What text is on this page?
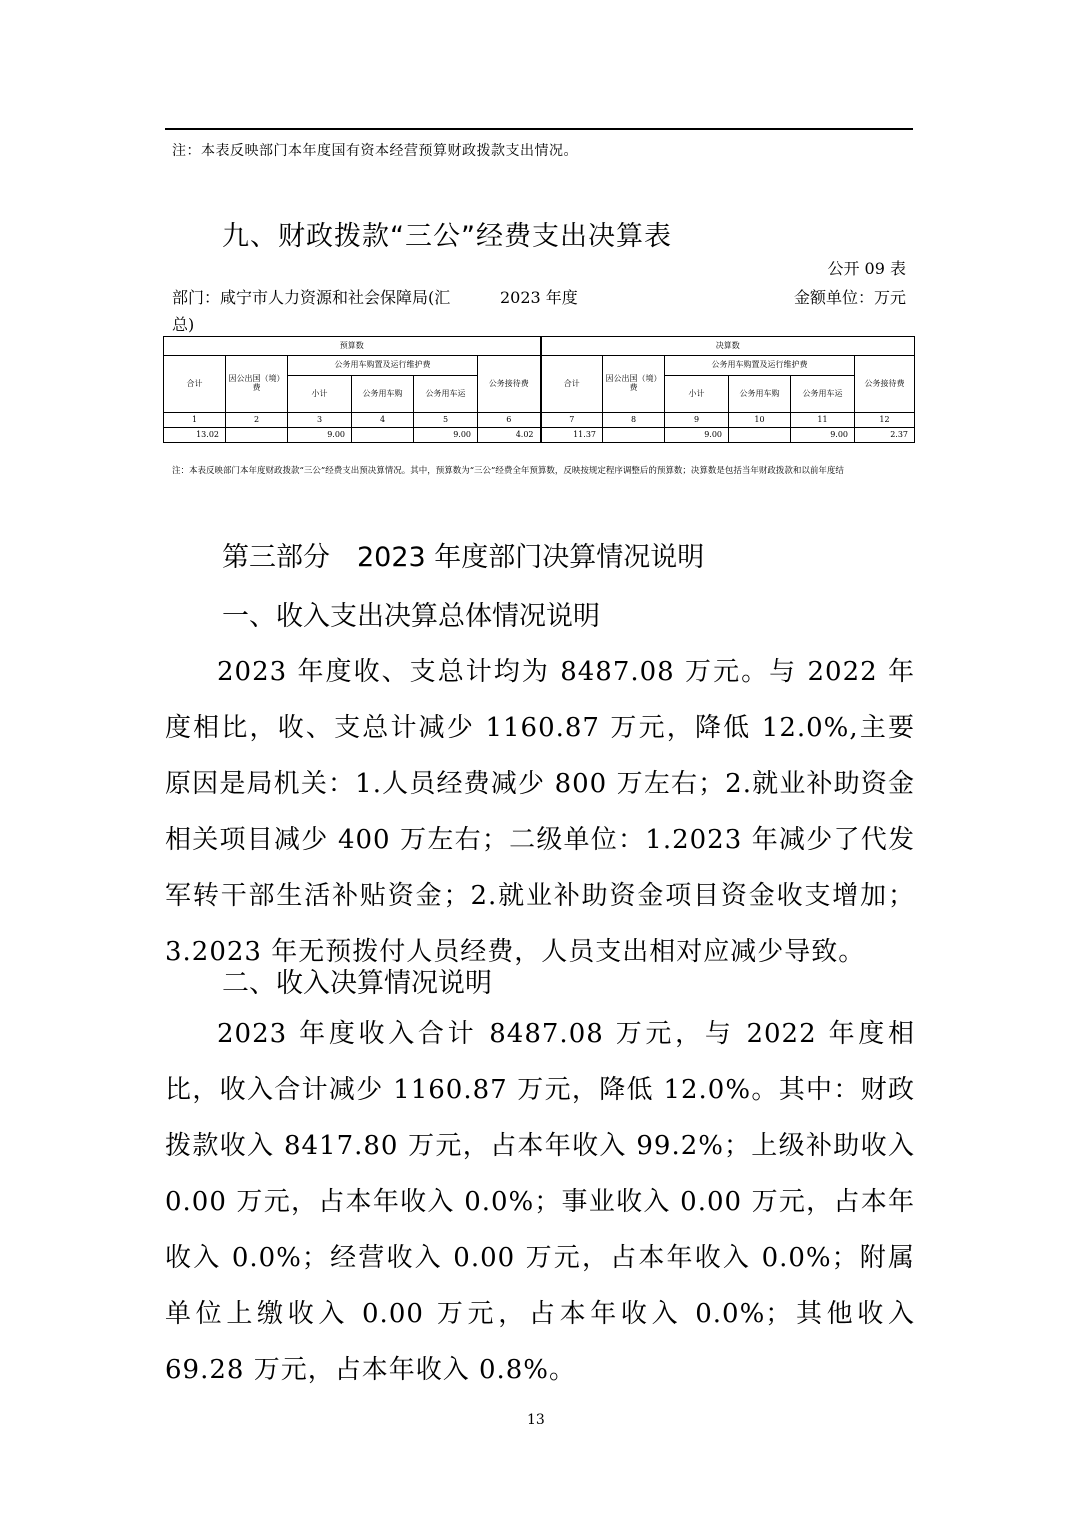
注：本表反映部门本年度国有资本经营预算财政拨款支出情况。
九、财政拨款“三公”经费支出决算表
公开 09 表
部门：咸宁市人力资源和社会保障局(汇总)
2023 年度	金额单位：万元
预算数						决算数					
合计	因公出国（境）费	公务用车购置及运行维护费			公务接待费	合计	因公出国（境）费	公务用车购置及运行维护费			公务接待费
		小计	公务用车购	公务用车运				小计	公务用车购	公务用车运	
1	2	3	4	5	6	7	8	9	10	11	12
13.02		9.00		9.00	4.02	11.37		9.00		9.00	2.37
注：本表反映部门本年度财政拨款“三公”经费支出预决算情况。其中，预算数为“三公”经费全年预算数，反映按规定程序调整后的预算数；决算数是包括当年财政拨款和以前年度结
第三部分　2023 年度部门决算情况说明
一、收入支出决算总体情况说明

2023 年度收、支总计均为 8487.08 万元。与 2022 年度相比，收、支总计减少 1160.87 万元，降低 12.0%,主要原因是局机关：1.人员经费减少 800 万左右；2.就业补助资金相关项目减少 400 万左右；二级单位：1.2023 年减少了代发军转干部生活补贴资金；2.就业补助资金项目资金收支增加；3.2023 年无预拨付人员经费，人员支出相对应减少导致。

二、收入决算情况说明

2023 年度收入合计 8487.08 万元，与 2022 年度相比，收入合计减少 1160.87 万元，降低 12.0%。其中：财政拨款收入 8417.80 万元，占本年收入 99.2%；上级补助收入 0.00 万元，占本年收入 0.0%；事业收入 0.00 万元，占本年收入 0.0%；经营收入 0.00 万元，占本年收入 0.0%；附属单位上缴收入 0.00 万元，占本年收入 0.0%；其他收入 69.28 万元，占本年收入 0.8%。

13
